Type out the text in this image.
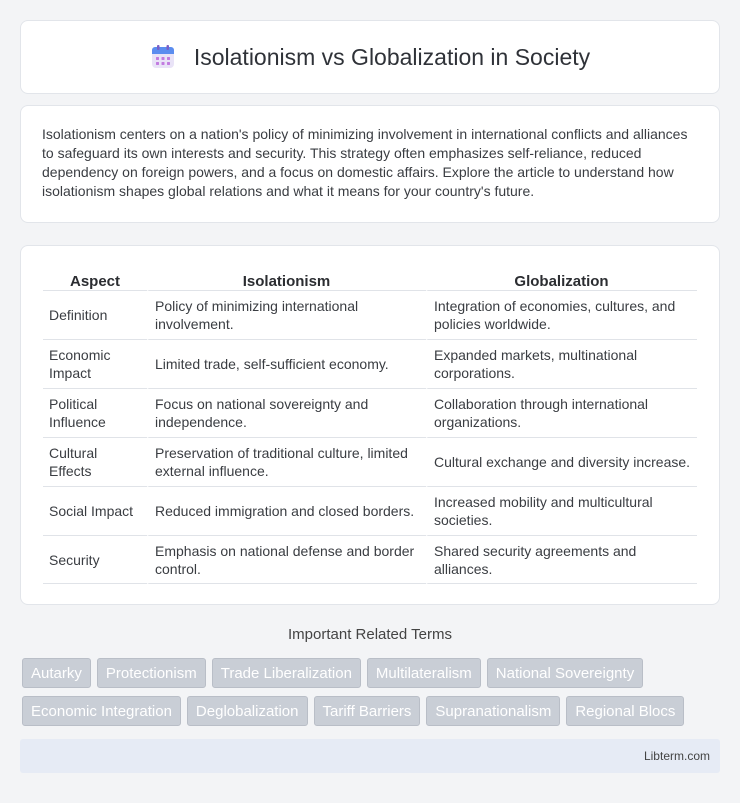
Isolationism vs Globalization in Society

Isolationism centers on a nation's policy of minimizing involvement in international conflicts and alliances to safeguard its own interests and security. This strategy often emphasizes self-reliance, reduced dependency on foreign powers, and a focus on domestic affairs. Explore the article to understand how isolationism shapes global relations and what it means for your country's future.

Aspect	Isolationism	Globalization
Definition	Policy of minimizing international involvement.	Integration of economies, cultures, and policies worldwide.
Economic Impact	Limited trade, self-sufficient economy.	Expanded markets, multinational corporations.
Political Influence	Focus on national sovereignty and independence.	Collaboration through international organizations.
Cultural Effects	Preservation of traditional culture, limited external influence.	Cultural exchange and diversity increase.
Social Impact	Reduced immigration and closed borders.	Increased mobility and multicultural societies.
Security	Emphasis on national defense and border control.	Shared security agreements and alliances.
Important Related Terms
Autarky	Protectionism	Trade Liberalization	Multilateralism	National Sovereignty
Economic Integration	Deglobalization	Tariff Barriers	Supranationalism	Regional Blocs
Libterm.com
